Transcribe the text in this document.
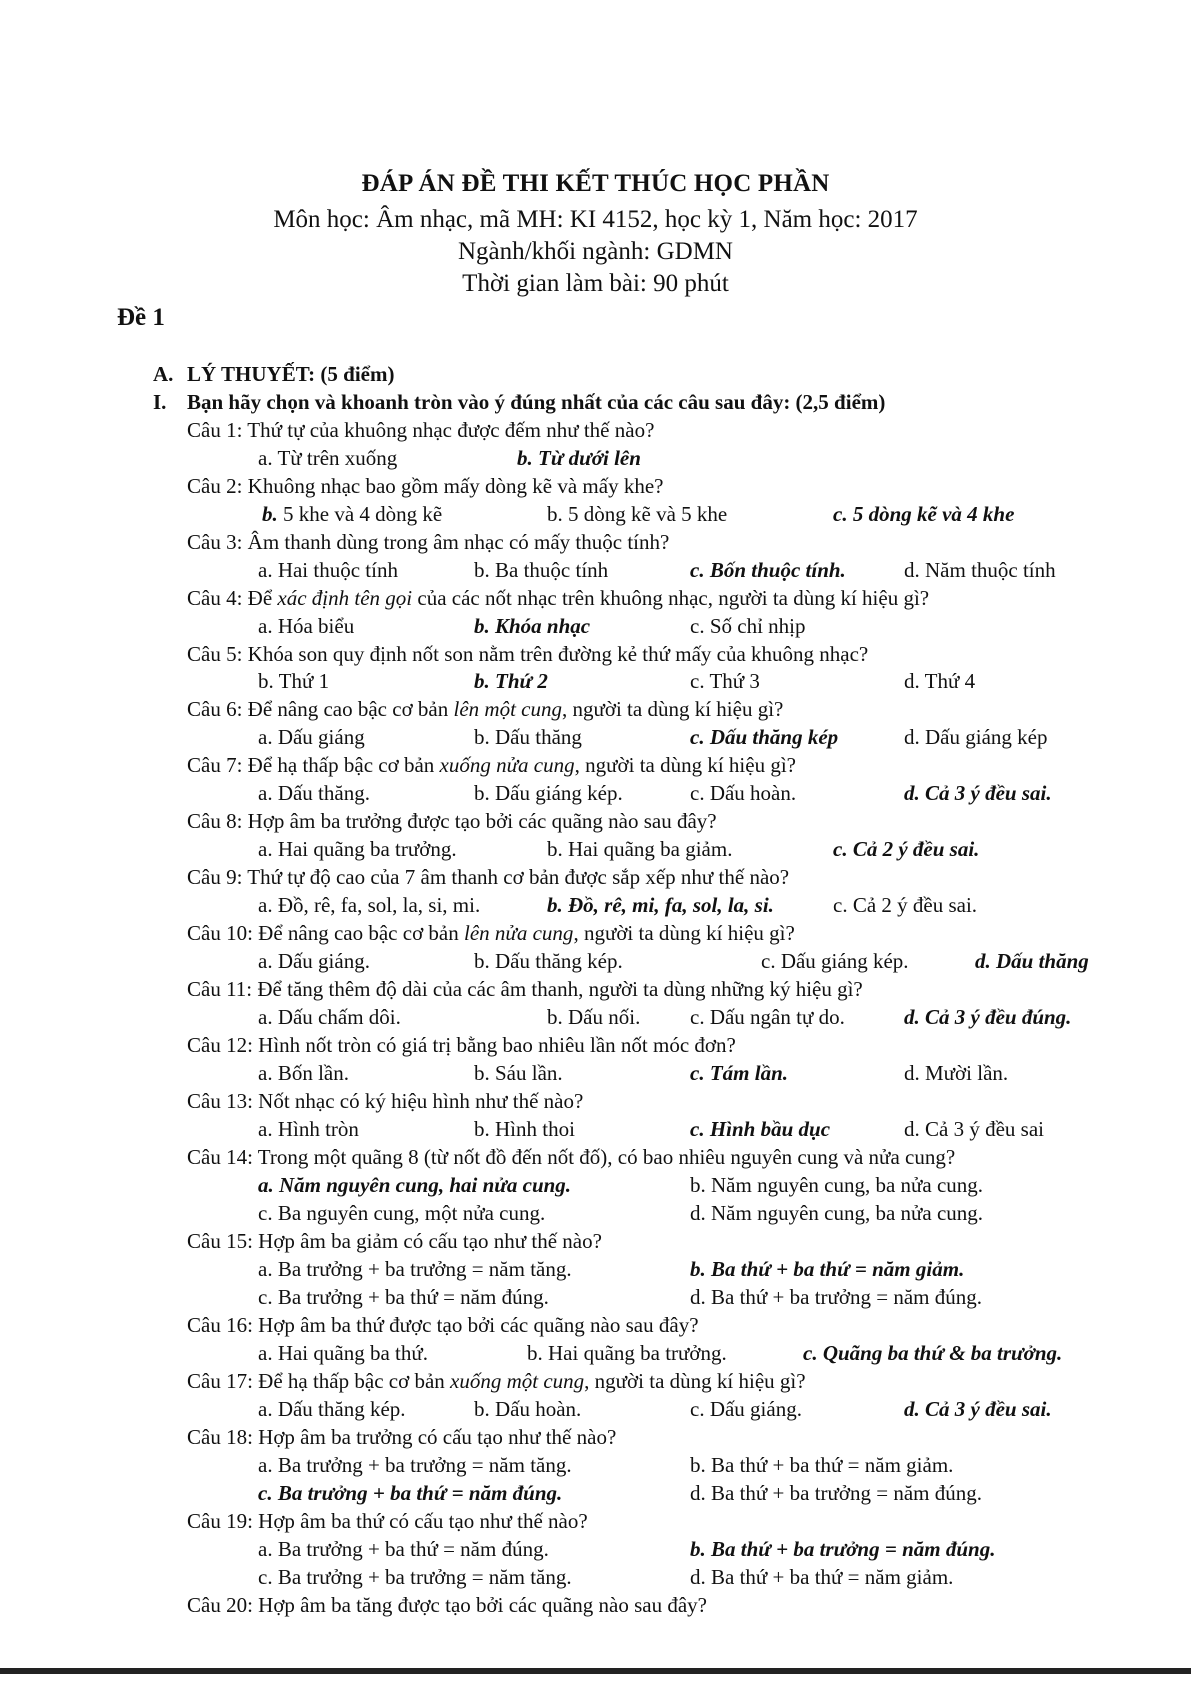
ĐÁP ÁN ĐỀ THI KẾT THÚC HỌC PHẦN
Môn học: Âm nhạc, mã MH: KI 4152, học kỳ 1, Năm học: 2017
Ngành/khối ngành: GDMN
Thời gian làm bài: 90 phút
Đề 1
A. LÝ THUYẾT: (5 điểm)
I. Bạn hãy chọn và khoanh tròn vào ý đúng nhất của các câu sau đây: (2,5 điểm)
Câu 1: Thứ tự của khuông nhạc được đếm như thế nào?
a. Từ trên xuống	b. Từ dưới lên
Câu 2: Khuông nhạc bao gồm mấy dòng kẽ và mấy khe?
b. 5 khe và 4 dòng kẽ	b. 5 dòng kẽ và 5 khe	c. 5 dòng kẽ và 4 khe
Câu 3: Âm thanh dùng trong âm nhạc có mấy thuộc tính?
a. Hai thuộc tính	b. Ba thuộc tính	c. Bốn thuộc tính.	d. Năm thuộc tính
Câu 4: Để xác định tên gọi của các nốt nhạc trên khuông nhạc, người ta dùng kí hiệu gì?
a. Hóa biểu	b. Khóa nhạc	c. Số chỉ nhịp
Câu 5: Khóa son quy định nốt son nằm trên đường kẻ thứ mấy của khuông nhạc?
b. Thứ 1	b. Thứ 2	c. Thứ 3	d. Thứ 4
Câu 6: Để nâng cao bậc cơ bản lên một cung, người ta dùng kí hiệu gì?
a. Dấu giáng	b. Dấu thăng	c. Dấu thăng kép	d. Dấu giáng kép
Câu 7: Để hạ thấp bậc cơ bản xuống nửa cung, người ta dùng kí hiệu gì?
a. Dấu thăng.	b. Dấu giáng kép.	c. Dấu hoàn.	d. Cả 3 ý đều sai.
Câu 8: Hợp âm ba trưởng được tạo bởi các quãng nào sau đây?
a. Hai quãng ba trưởng.	b. Hai quãng ba giảm.	c. Cả 2 ý đều sai.
Câu 9: Thứ tự độ cao của 7 âm thanh cơ bản được sắp xếp như thế nào?
a. Đồ, rê, fa, sol, la, si, mi.	b. Đồ, rê, mi, fa, sol, la, si.	c. Cả 2 ý đều sai.
Câu 10: Để nâng cao bậc cơ bản lên nửa cung, người ta dùng kí hiệu gì?
a. Dấu giáng.	b. Dấu thăng kép.	c. Dấu giáng kép.	d. Dấu thăng
Câu 11: Để tăng thêm độ dài của các âm thanh, người ta dùng những ký hiệu gì?
a. Dấu chấm dôi.	b. Dấu nối. c. Dấu ngân tự do.	d. Cả 3 ý đều đúng.
Câu 12: Hình nốt tròn có giá trị bằng bao nhiêu lần nốt móc đơn?
a. Bốn lần.	b. Sáu lần.	c. Tám lần.	d. Mười lần.
Câu 13: Nốt nhạc có ký hiệu hình như thế nào?
a. Hình tròn	b. Hình thoi	c. Hình bầu dục	d. Cả 3 ý đều sai
Câu 14: Trong một quãng 8 (từ nốt đồ đến nốt đố), có bao nhiêu nguyên cung và nửa cung?
a. Năm nguyên cung, hai nửa cung.	b. Năm nguyên cung, ba nửa cung.
c. Ba nguyên cung, một nửa cung.	d. Năm nguyên cung, ba nửa cung.
Câu 15: Hợp âm ba giảm có cấu tạo như thế nào?
a. Ba trưởng + ba trưởng = năm tăng.	b. Ba thứ + ba thứ = năm giảm.
c. Ba trưởng + ba thứ = năm đúng.	d. Ba thứ + ba trưởng = năm đúng.
Câu 16: Hợp âm ba thứ được tạo bởi các quãng nào sau đây?
a. Hai quãng ba thứ.	b. Hai quãng ba trưởng.	c. Quãng ba thứ & ba trưởng.
Câu 17: Để hạ thấp bậc cơ bản xuống một cung, người ta dùng kí hiệu gì?
a. Dấu thăng kép.	b. Dấu hoàn.	c. Dấu giáng.	d. Cả 3 ý đều sai.
Câu 18: Hợp âm ba trưởng có cấu tạo như thế nào?
a. Ba trưởng + ba trưởng = năm tăng.	b. Ba thứ + ba thứ = năm giảm.
c. Ba trưởng + ba thứ = năm đúng.	d. Ba thứ + ba trưởng = năm đúng.
Câu 19: Hợp âm ba thứ có cấu tạo như thế nào?
a. Ba trưởng + ba thứ = năm đúng.	b. Ba thứ + ba trưởng = năm đúng.
c. Ba trưởng + ba trưởng = năm tăng.	d. Ba thứ + ba thứ = năm giảm.
Câu 20: Hợp âm ba tăng được tạo bởi các quãng nào sau đây?
